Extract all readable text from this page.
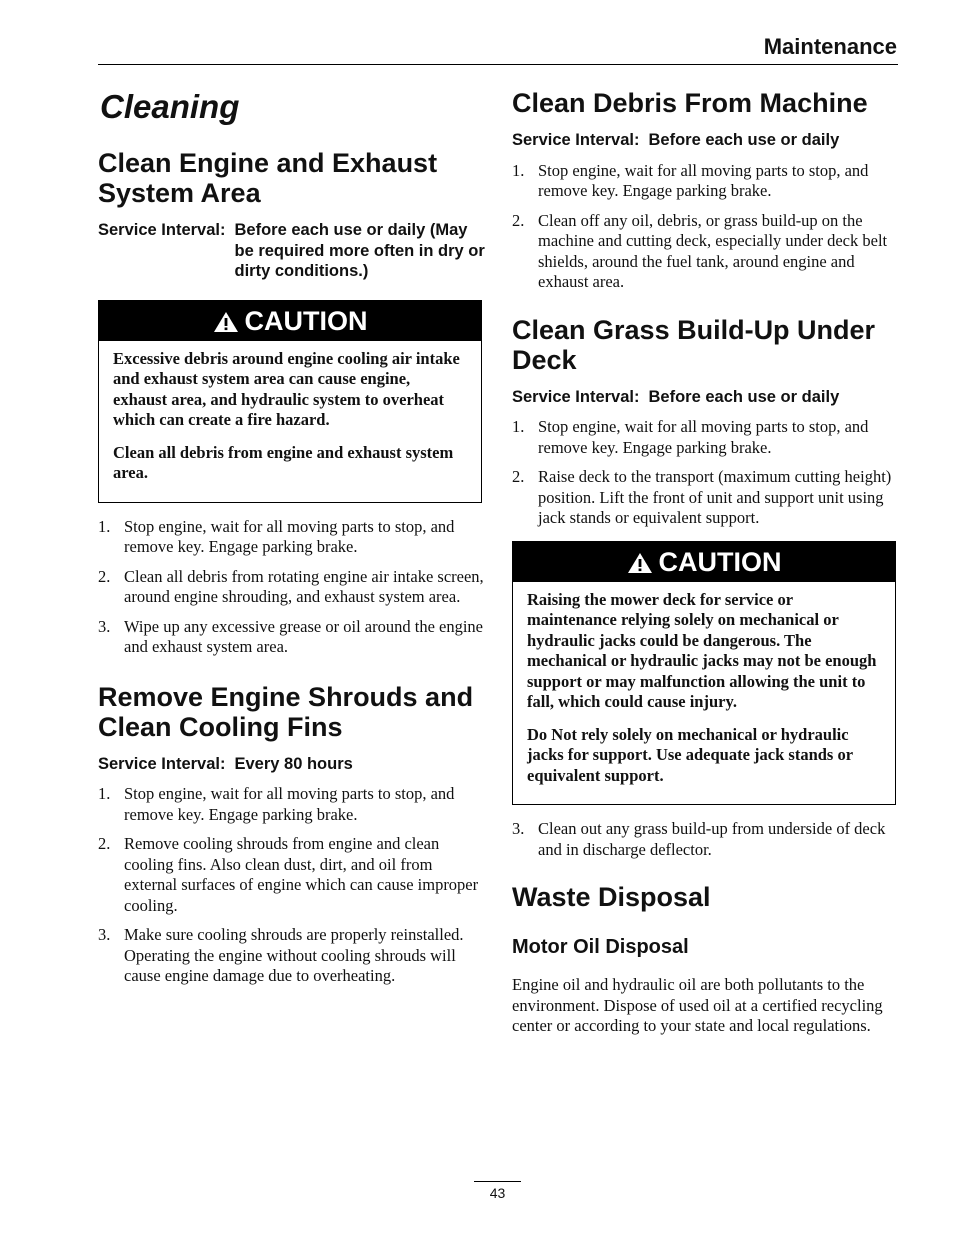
Maintenance
Cleaning
Clean Engine and Exhaust System Area
Service Interval: Before each use or daily (May be required more often in dry or dirty conditions.)
CAUTION

Excessive debris around engine cooling air intake and exhaust system area can cause engine, exhaust area, and hydraulic system to overheat which can create a fire hazard.

Clean all debris from engine and exhaust system area.

1. Stop engine, wait for all moving parts to stop, and remove key. Engage parking brake.
2. Clean all debris from rotating engine air intake screen, around engine shrouding, and exhaust system area.
3. Wipe up any excessive grease or oil around the engine and exhaust system area.
Remove Engine Shrouds and Clean Cooling Fins
Service Interval: Every 80 hours
1. Stop engine, wait for all moving parts to stop, and remove key. Engage parking brake.
2. Remove cooling shrouds from engine and clean cooling fins. Also clean dust, dirt, and oil from external surfaces of engine which can cause improper cooling.
3. Make sure cooling shrouds are properly reinstalled. Operating the engine without cooling shrouds will cause engine damage due to overheating.
Clean Debris From Machine
Service Interval: Before each use or daily
1. Stop engine, wait for all moving parts to stop, and remove key. Engage parking brake.
2. Clean off any oil, debris, or grass build-up on the machine and cutting deck, especially under deck belt shields, around the fuel tank, around engine and exhaust area.
Clean Grass Build-Up Under Deck
Service Interval: Before each use or daily
1. Stop engine, wait for all moving parts to stop, and remove key. Engage parking brake.
2. Raise deck to the transport (maximum cutting height) position. Lift the front of unit and support unit using jack stands or equivalent support.
CAUTION

Raising the mower deck for service or maintenance relying solely on mechanical or hydraulic jacks could be dangerous. The mechanical or hydraulic jacks may not be enough support or may malfunction allowing the unit to fall, which could cause injury.

Do Not rely solely on mechanical or hydraulic jacks for support. Use adequate jack stands or equivalent support.

3. Clean out any grass build-up from underside of deck and in discharge deflector.
Waste Disposal
Motor Oil Disposal

Engine oil and hydraulic oil are both pollutants to the environment. Dispose of used oil at a certified recycling center or according to your state and local regulations.

43
